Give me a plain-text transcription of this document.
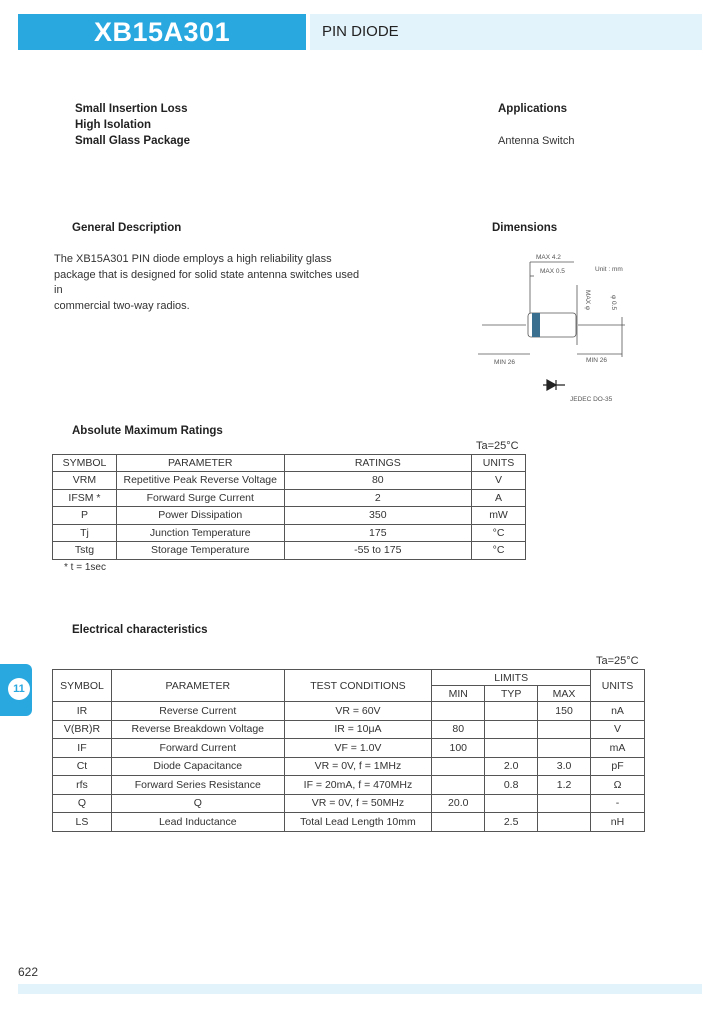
XB15A301	PIN DIODE
Small Insertion Loss
High Isolation
Small Glass Package
Applications
Antenna Switch
General Description
The XB15A301 PIN diode employs a high reliability glass
package that is designed for solid state antenna switches used in
commercial two-way radios.
Dimensions
MAX 4.2
MAX 0.5	Unit : mm
MAX φ	φ 0.5
MIN 26	MIN 26
JEDEC DO-35
Absolute Maximum Ratings
Ta=25°C
SYMBOL	PARAMETER	RATINGS	UNITS
VRM	Repetitive Peak Reverse Voltage	80	V
IFSM *	Forward Surge Current	2	A
P	Power Dissipation	350	mW
Tj	Junction Temperature	175	°C
Tstg	Storage Temperature	-55 to 175	°C
* t = 1sec
Electrical characteristics
Ta=25°C
SYMBOL	PARAMETER	TEST CONDITIONS	LIMITS			UNITS
			MIN	TYP	MAX	
IR	Reverse Current	VR = 60V			150	nA
V(BR)R	Reverse Breakdown Voltage	IR = 10μA	80			V
IF	Forward Current	VF = 1.0V	100			mA
Ct	Diode Capacitance	VR = 0V, f = 1MHz		2.0	3.0	pF
rfs	Forward Series Resistance	IF = 20mA, f = 470MHz		0.8	1.2	Ω
Q	Q	VR = 0V, f = 50MHz	20.0			-
LS	Lead Inductance	Total Lead Length 10mm		2.5		nH
11
622
